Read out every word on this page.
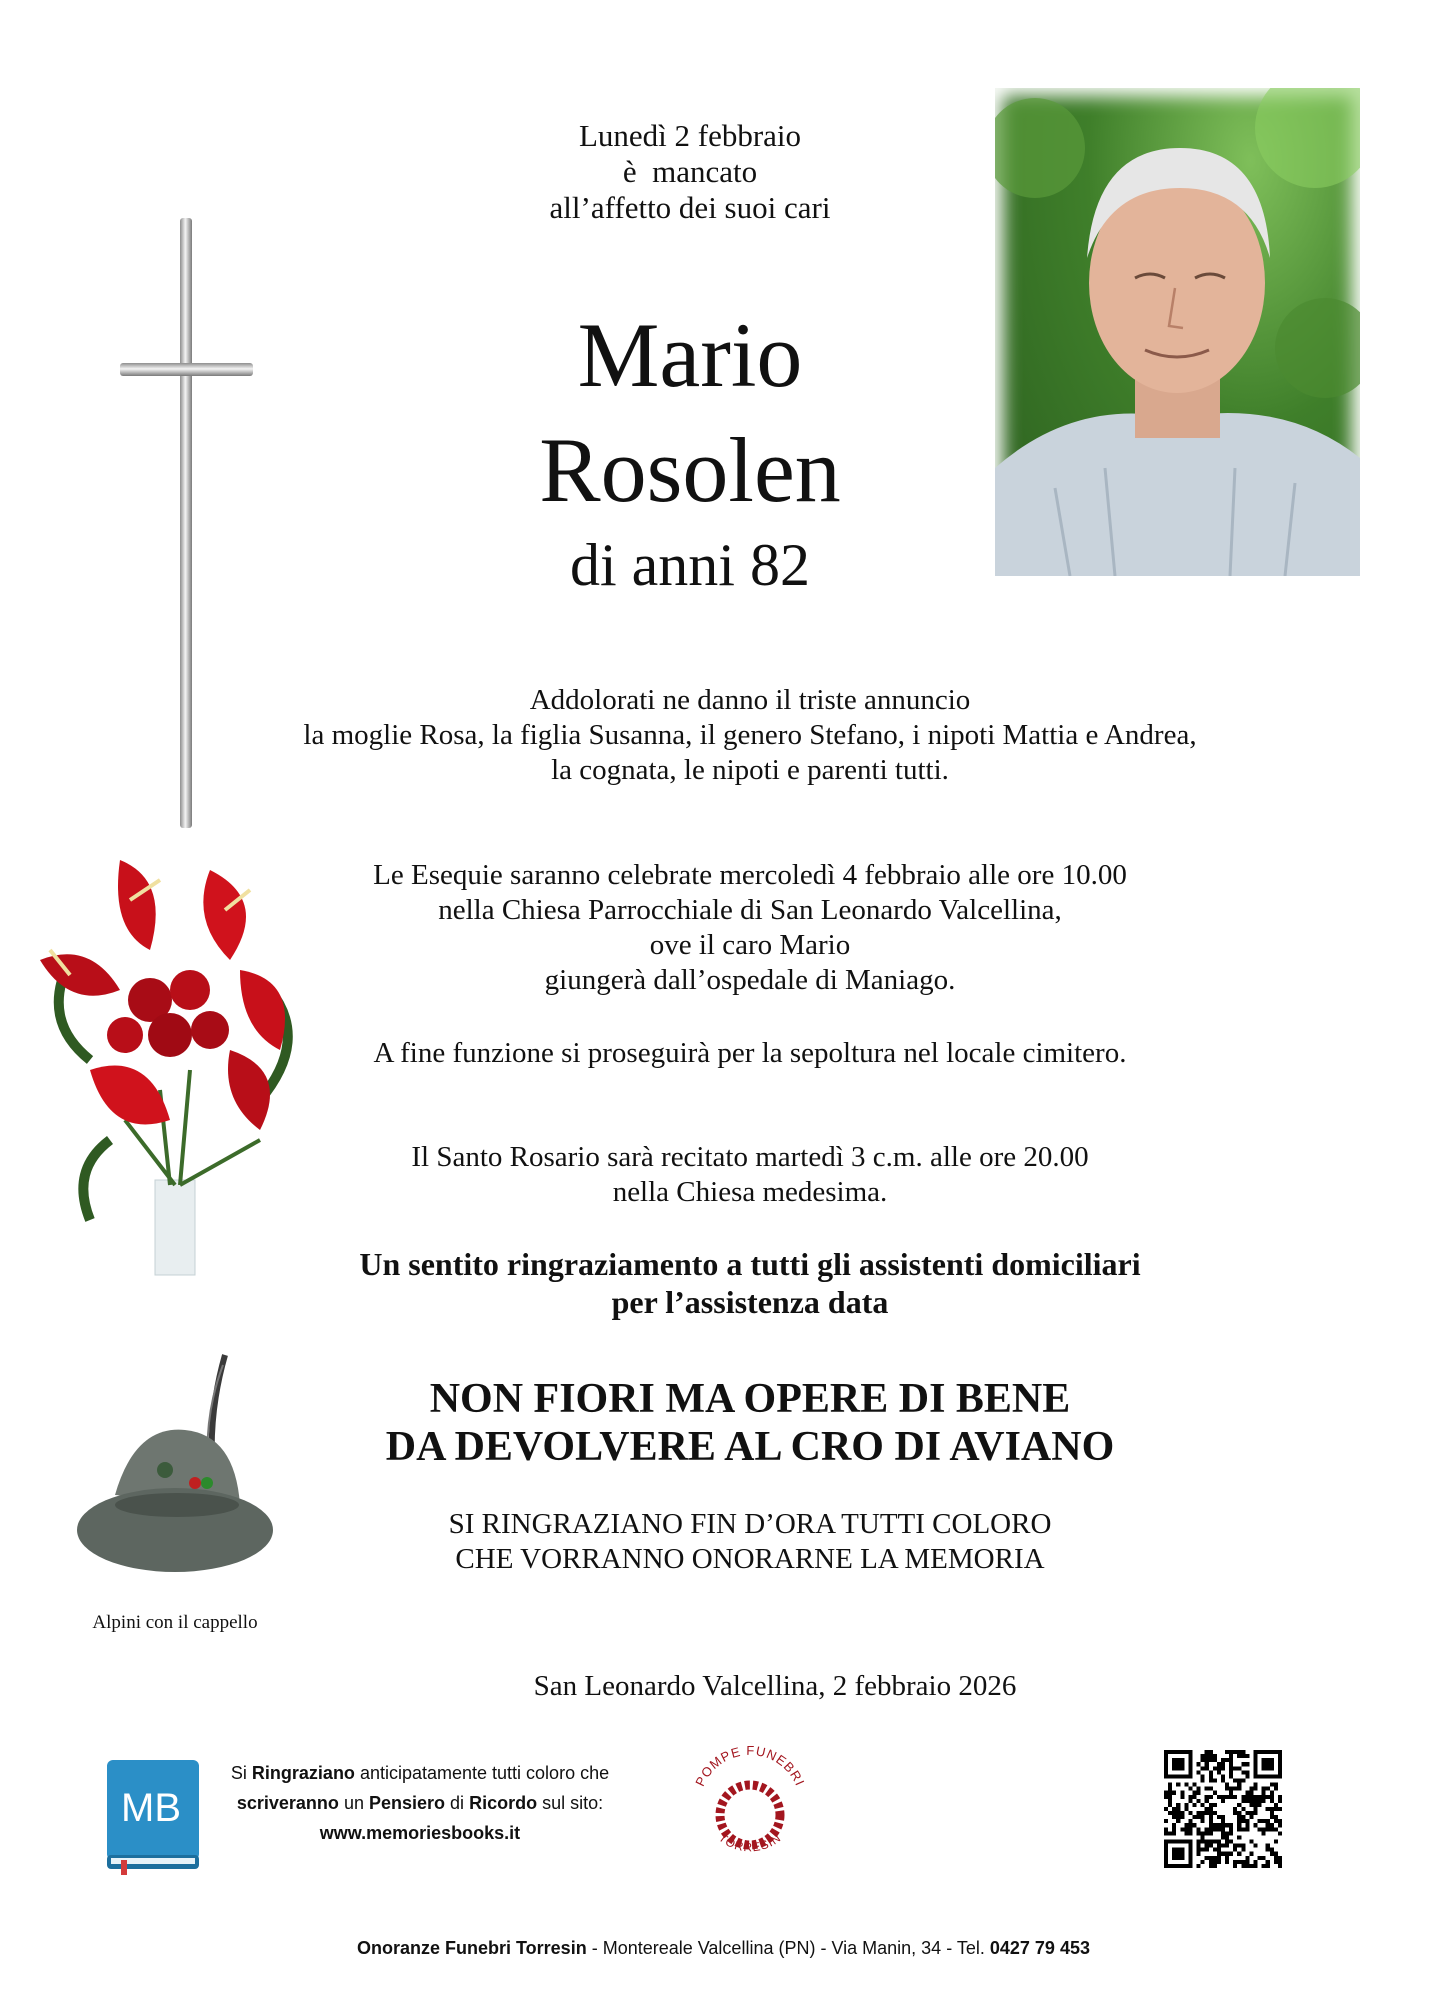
Lunedì 2 febbraio
è  mancato
all’affetto dei suoi cari
Mario
Rosolen
di anni 82
Addolorati ne danno il triste annuncio
la moglie Rosa, la figlia Susanna, il genero Stefano, i nipoti Mattia e Andrea,
la cognata, le nipoti e parenti tutti.
Le Esequie saranno celebrate mercoledì 4 febbraio alle ore 10.00
nella Chiesa Parrocchiale di San Leonardo Valcellina,
ove il caro Mario
giungerà dall’ospedale di Maniago.
A fine funzione si proseguirà per la sepoltura nel locale cimitero.
Il Santo Rosario sarà recitato martedì 3 c.m. alle ore 20.00
nella Chiesa medesima.
Un sentito ringraziamento a tutti gli assistenti domiciliari
per l’assistenza data
NON FIORI MA OPERE DI BENE
DA DEVOLVERE AL CRO DI AVIANO
SI RINGRAZIANO FIN D’ORA TUTTI COLORO
CHE VORRANNO ONORARNE LA MEMORIA
Alpini con il cappello
San Leonardo Valcellina, 2 febbraio 2026
MB
Si Ringraziano anticipatamente tutti coloro che
scriveranno un Pensiero di Ricordo sul sito:
www.memoriesbooks.it
POMPE FUNEBRI
TORRESIN
Onoranze Funebri Torresin - Montereale Valcellina (PN) - Via Manin, 34 - Tel. 0427 79 453
